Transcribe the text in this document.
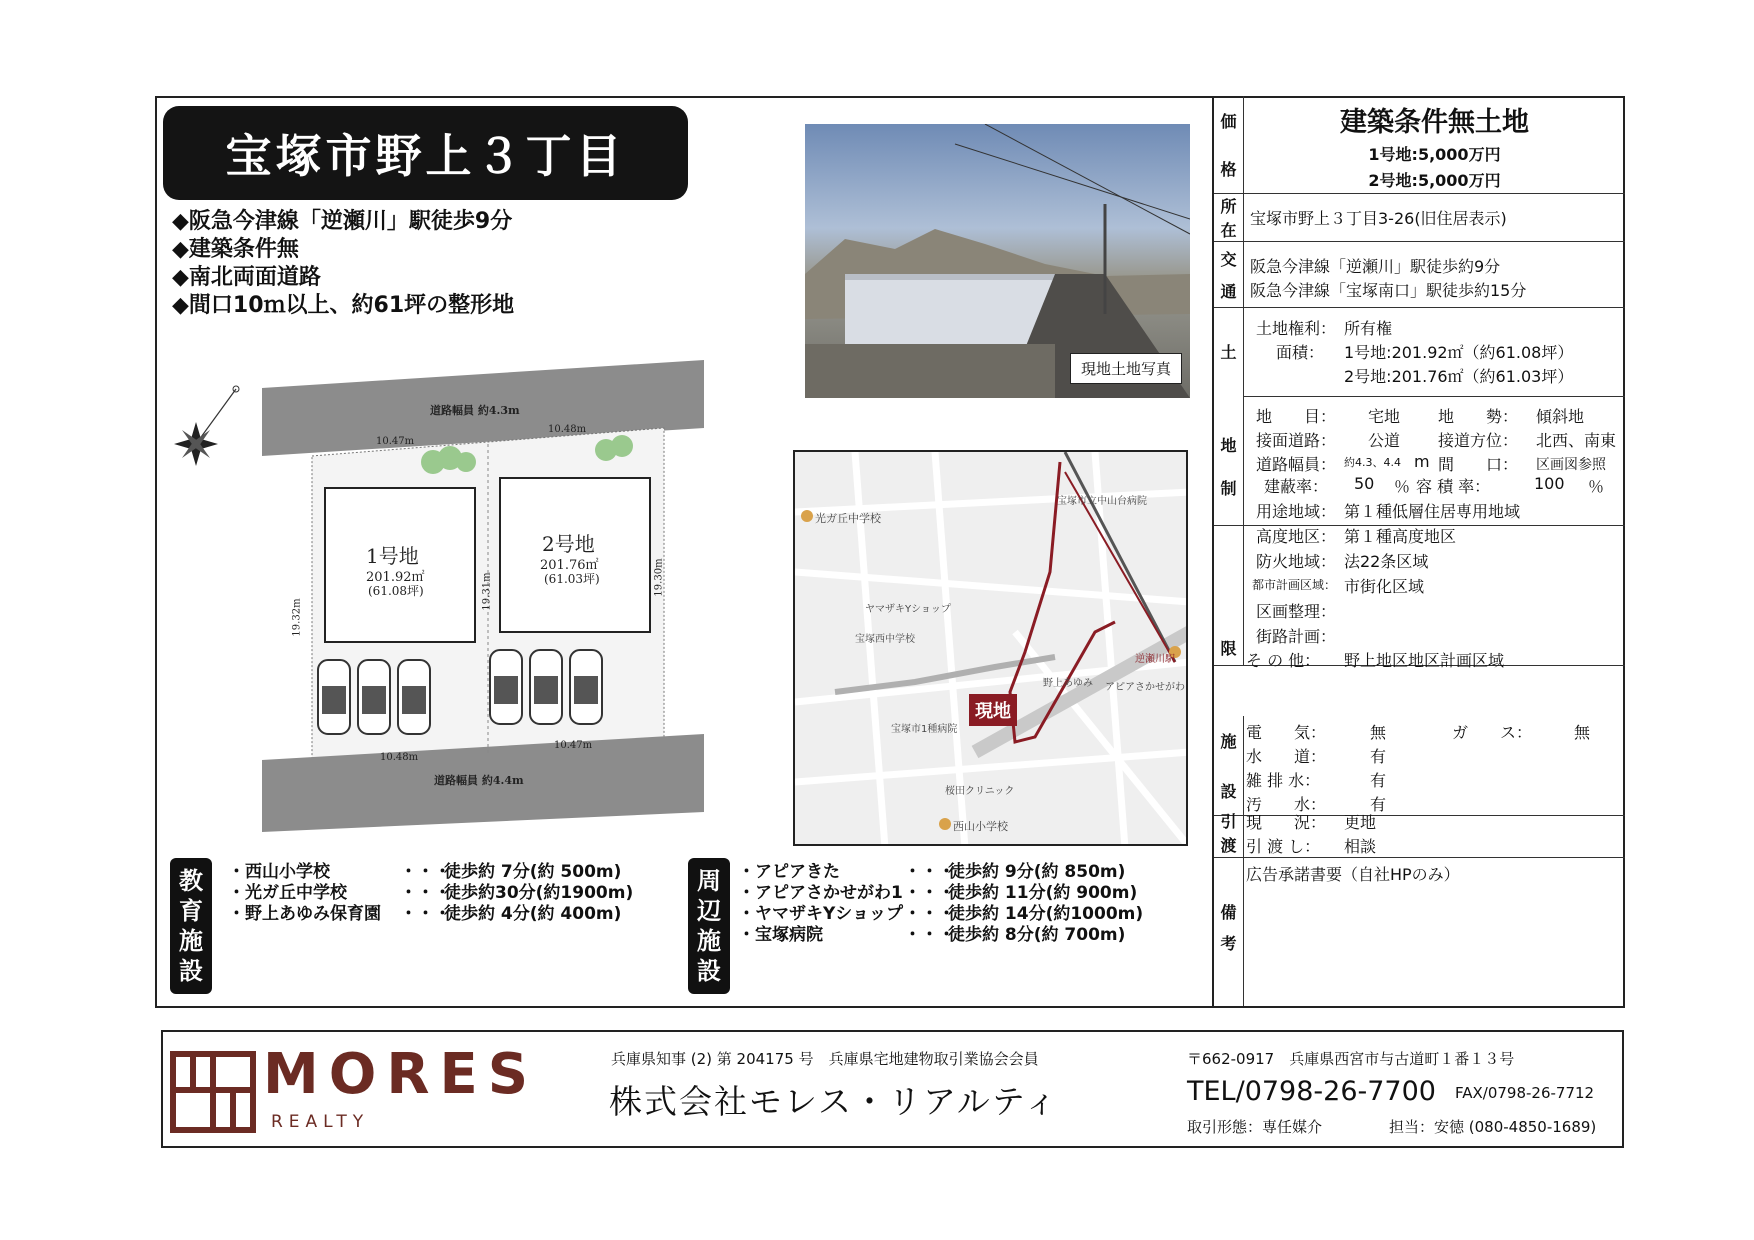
宝塚市野上３丁目
◆阪急今津線「逆瀬川」駅徒歩9分
◆建築条件無
◆南北両面道路
◆間口10ｍ以上、約61坪の整形地
道路幅員 約4.3m
道路幅員 約4.4m
10.47m
10.48m
10.48m
10.47m
19.32m
19.31m	19.30m
1号地
201.92㎡
(61.08坪)
2号地
201.76㎡
(61.03坪)
現地土地写真
光ガ丘中学校
宝塚市立中山台病院
逆瀬川駅
ヤマザキYショップ
宝塚西中学校
宝塚市1種病院
西山小学校
アピアさかせがわ
野上あゆみ
桜田クリニック
現地
教育施設
・西山小学校	・・・徒歩約 7分(約 500m)
・光ガ丘中学校	・・・徒歩約30分(約1900m)
・野上あゆみ保育園 ・・・徒歩約 4分(約 400m)
周辺施設
・アピアきた	・・・徒歩約 9分(約 850m)
・アピアさかせがわ1・・・徒歩約 11分(約 900m)
・ヤマザキYショップ・・・徒歩約 14分(約1000m)
・宝塚病院	・・・徒歩約 8分(約 700m)
価
格
建築条件無土地
1号地:5,000万円
2号地:5,000万円
所
在
宝塚市野上３丁目3-26(旧住居表示)
交
通
阪急今津線「逆瀬川」駅徒歩約9分
阪急今津線「宝塚南口」駅徒歩約15分
土
地
土地権利： 所有権
面積： 1号地:201.92㎡（約61.08坪）
2号地:201.76㎡（約61.03坪）
地　　目： 宅地 地　　勢： 傾斜地
接面道路： 公道 接道方位： 北西、南東
道路幅員： 約4.3、4.4 m 間　　口： 区画図参照
制
限
建蔽率： 50 ％ 容 積 率：	100 ％
用途地域： 第１種低層住居専用地域
高度地区： 第１種高度地区
防火地域： 法22条区域
都市計画区域： 市街化区域
区画整理：
街路計画：
そ の 他： 野上地区地区計画区域
施
設
電　　気：	無	ガ　　ス：	無
水　　道：	有
雑 排 水：	有
汚　　水：	有
引
渡
現　　況： 更地
引 渡 し： 相談
備
考
広告承諾書要（自社HPのみ）
MORES
REALTY
兵庫県知事 (2) 第 204175 号　兵庫県宅地建物取引業協会会員
株式会社モレス・リアルティ
〒662-0917　兵庫県西宮市与古道町１番１３号
TEL/0798-26-7700 FAX/0798-26-7712
取引形態：専任媒介	担当：安徳 (080-4850-1689)
